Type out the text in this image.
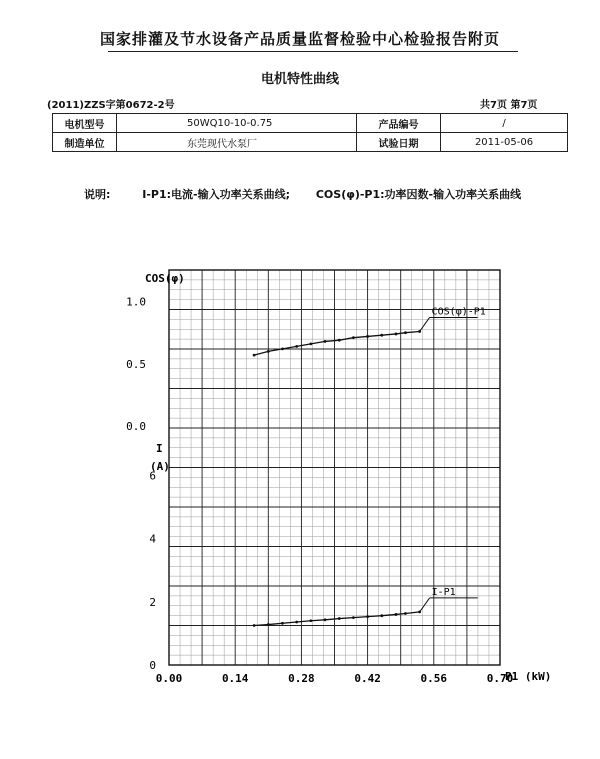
国家排灌及节水设备产品质量监督检验中心检验报告附页
电机特性曲线
(2011)ZZS字第0672-2号	共7页 第7页
电机型号	50WQ10-10-0.75	产品编号	/
制造单位	东莞现代水泵厂	试验日期	2011-05-06
说明:	I-P1:电流-输入功率关系曲线; COS(φ)-P1:功率因数-输入功率关系曲线
COS(φ)
I
(A)
P1 (kW)
1.0
0.5
0.0
6
4
2
0
0.00	0.14	0.28	0.42	0.56	0.70
COS(φ)-P1
I-P1
